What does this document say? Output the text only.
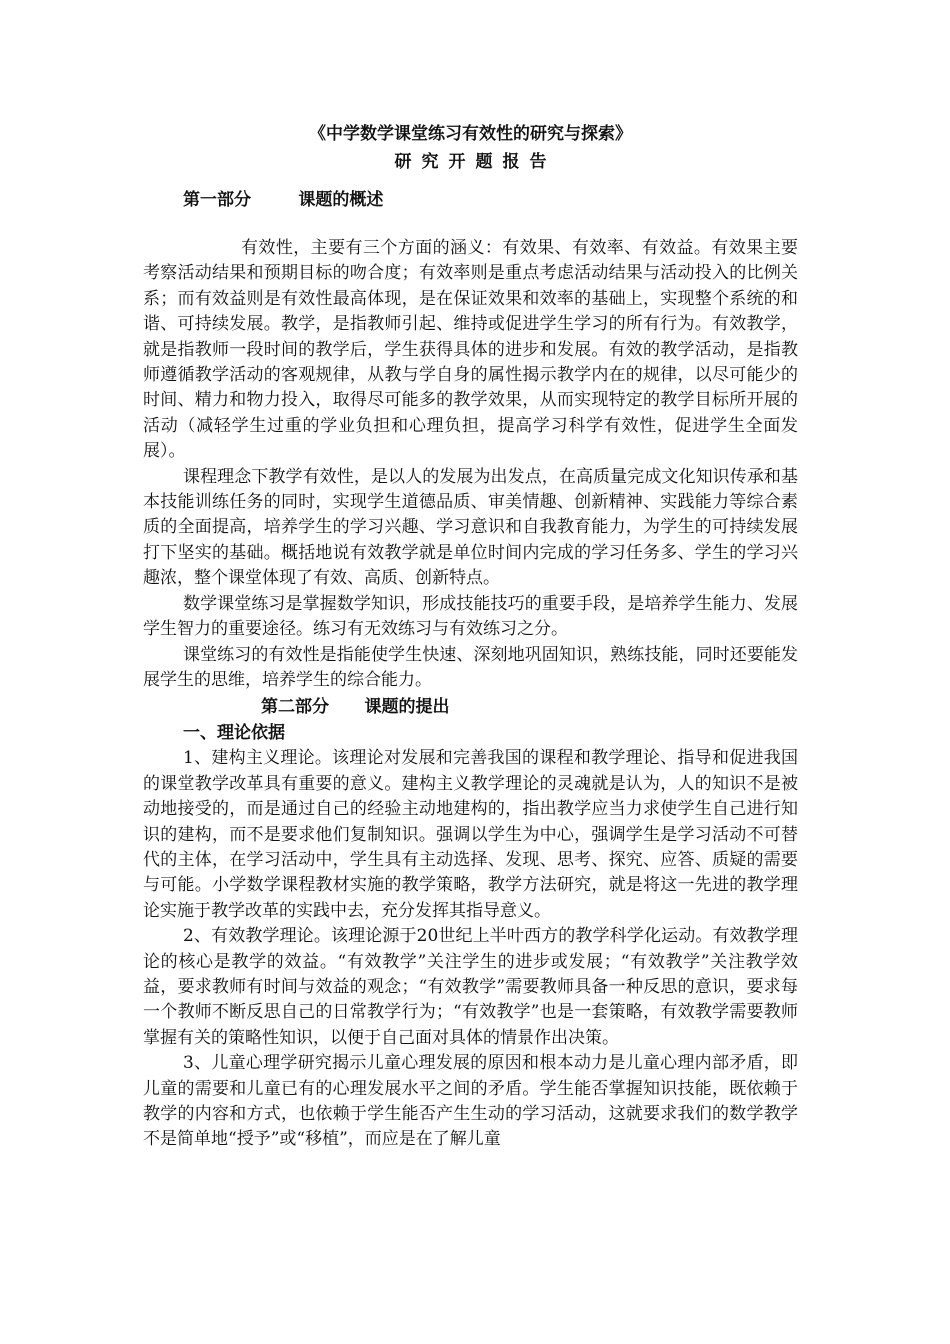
《中学数学课堂练习有效性的研究与探索》
研究开题报告
第一部分        课题的概述

有效性，主要有三个方面的涵义：有效果、有效率、有效益。有效果主要考察活动结果和预期目标的吻合度；有效率则是重点考虑活动结果与活动投入的比例关系；而有效益则是有效性最高体现，是在保证效果和效率的基础上，实现整个系统的和谐、可持续发展。教学，是指教师引起、维持或促进学生学习的所有行为。有效教学，就是指教师一段时间的教学后，学生获得具体的进步和发展。有效的教学活动，是指教师遵循教学活动的客观规律，从教与学自身的属性揭示教学内在的规律，以尽可能少的时间、精力和物力投入，取得尽可能多的教学效果，从而实现特定的教学目标所开展的活动（减轻学生过重的学业负担和心理负担，提高学习科学有效性，促进学生全面发展）。

课程理念下教学有效性，是以人的发展为出发点，在高质量完成文化知识传承和基本技能训练任务的同时，实现学生道德品质、审美情趣、创新精神、实践能力等综合素质的全面提高，培养学生的学习兴趣、学习意识和自我教育能力，为学生的可持续发展打下坚实的基础。概括地说有效教学就是单位时间内完成的学习任务多、学生的学习兴趣浓，整个课堂体现了有效、高质、创新特点。

数学课堂练习是掌握数学知识，形成技能技巧的重要手段，是培养学生能力、发展学生智力的重要途径。练习有无效练习与有效练习之分。

课堂练习的有效性是指能使学生快速、深刻地巩固知识，熟练技能，同时还要能发展学生的思维，培养学生的综合能力。

第二部分      课题的提出
一、理论依据

1、建构主义理论。该理论对发展和完善我国的课程和教学理论、指导和促进我国的课堂教学改革具有重要的意义。建构主义教学理论的灵魂就是认为，人的知识不是被动地接受的，而是通过自己的经验主动地建构的，指出教学应当力求使学生自己进行知识的建构，而不是要求他们复制知识。强调以学生为中心，强调学生是学习活动不可替代的主体，在学习活动中，学生具有主动选择、发现、思考、探究、应答、质疑的需要与可能。小学数学课程教材实施的教学策略，教学方法研究，就是将这一先进的教学理论实施于教学改革的实践中去，充分发挥其指导意义。

2、有效教学理论。该理论源于20世纪上半叶西方的教学科学化运动。有效教学理论的核心是教学的效益。“有效教学”关注学生的进步或发展；“有效教学”关注教学效益，要求教师有时间与效益的观念；“有效教学”需要教师具备一种反思的意识，要求每一个教师不断反思自己的日常教学行为；“有效教学”也是一套策略，有效教学需要教师掌握有关的策略性知识，以便于自己面对具体的情景作出决策。

3、儿童心理学研究揭示儿童心理发展的原因和根本动力是儿童心理内部矛盾，即儿童的需要和儿童已有的心理发展水平之间的矛盾。学生能否掌握知识技能，既依赖于教学的内容和方式，也依赖于学生能否产生生动的学习活动，这就要求我们的数学教学不是简单地“授予”或“移植”，而应是在了解儿童
